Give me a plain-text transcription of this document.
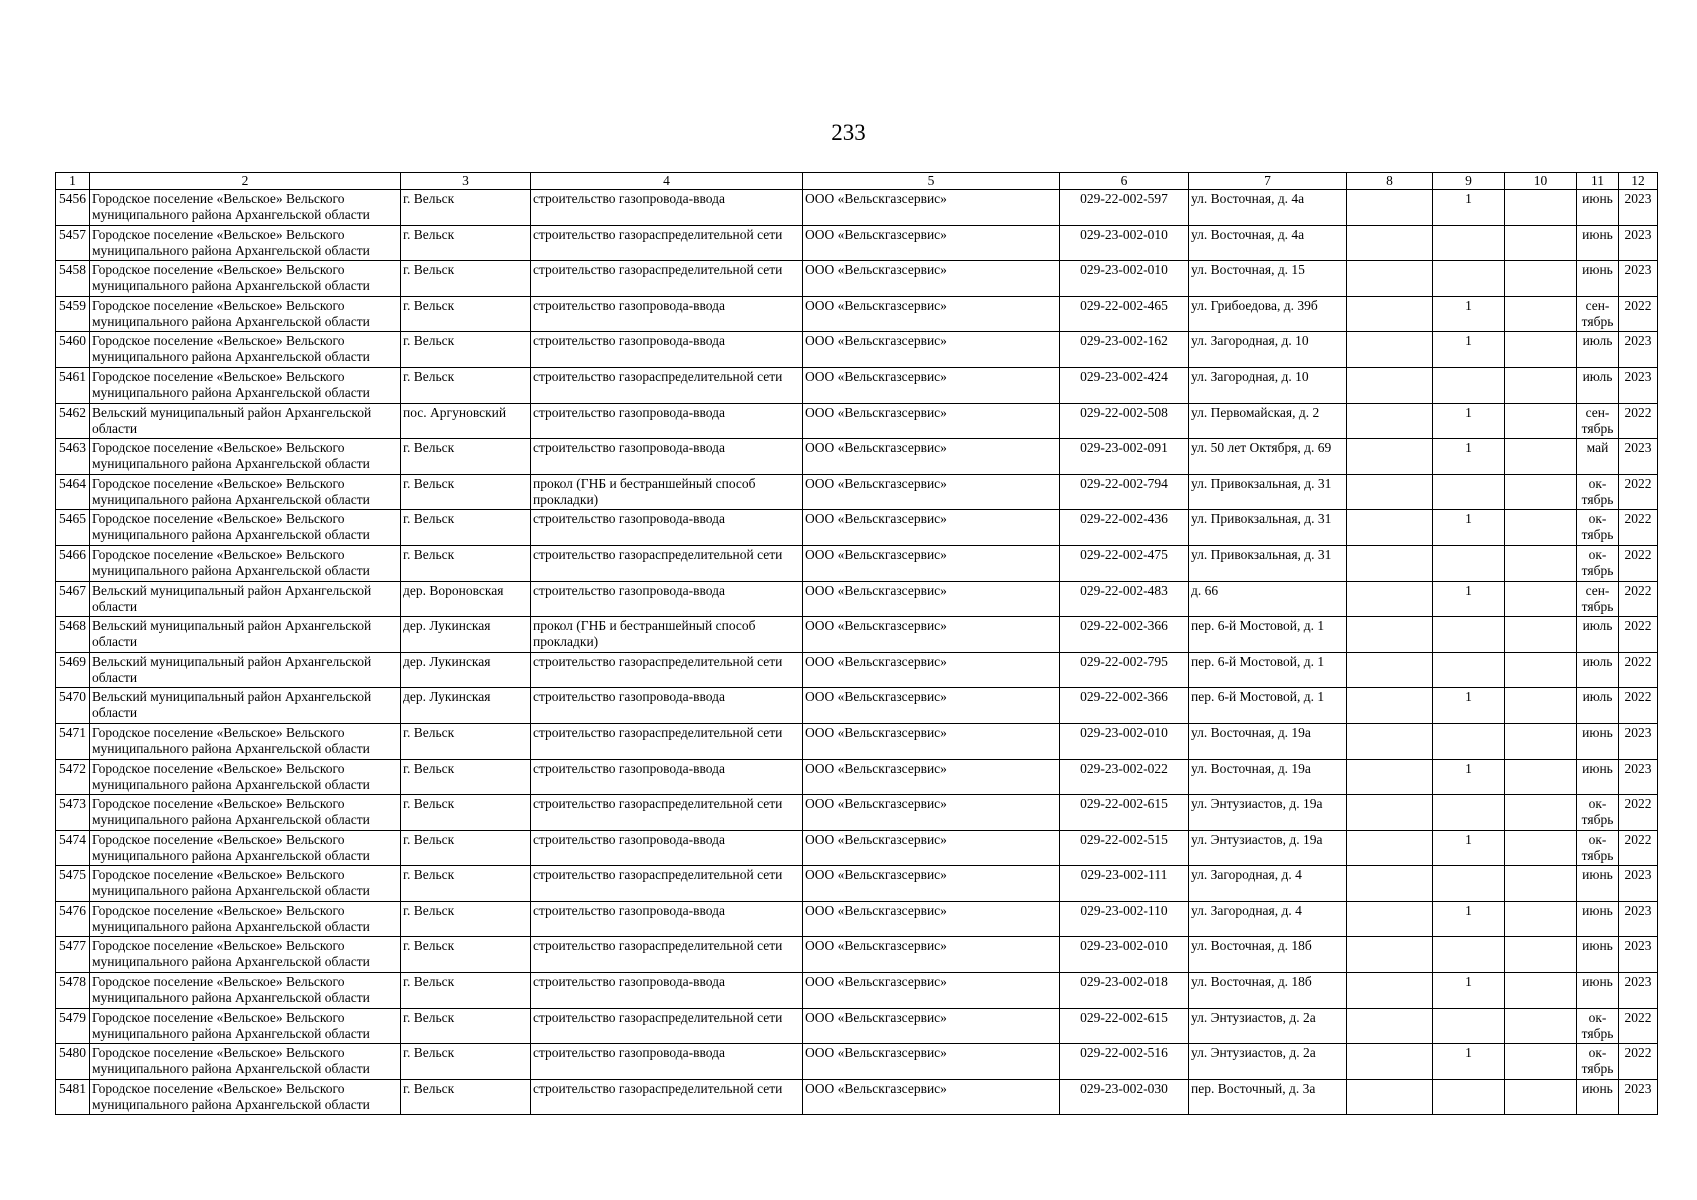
233
1	2	3	4	5	6	7	8	9	10	11	12
5456	Городское поселение «Вельское» Вельского муниципального района Архангельской области	г. Вельск	строительство газопровода-ввода	ООО «Вельскгазсервис»	029-22-002-597	ул. Восточная, д. 4а		1		июнь	2023
5457	Городское поселение «Вельское» Вельского муниципального района Архангельской области	г. Вельск	строительство газораспределительной сети	ООО «Вельскгазсервис»	029-23-002-010	ул. Восточная, д. 4а				июнь	2023
5458	Городское поселение «Вельское» Вельского муниципального района Архангельской области	г. Вельск	строительство газораспределительной сети	ООО «Вельскгазсервис»	029-23-002-010	ул. Восточная, д. 15				июнь	2023
5459	Городское поселение «Вельское» Вельского муниципального района Архангельской области	г. Вельск	строительство газопровода-ввода	ООО «Вельскгазсервис»	029-22-002-465	ул. Грибоедова, д. 39б		1		сен-тябрь	2022
5460	Городское поселение «Вельское» Вельского муниципального района Архангельской области	г. Вельск	строительство газопровода-ввода	ООО «Вельскгазсервис»	029-23-002-162	ул. Загородная, д. 10		1		июль	2023
5461	Городское поселение «Вельское» Вельского муниципального района Архангельской области	г. Вельск	строительство газораспределительной сети	ООО «Вельскгазсервис»	029-23-002-424	ул. Загородная, д. 10				июль	2023
5462	Вельский муниципальный район Архангельской области	пос. Аргуновский	строительство газопровода-ввода	ООО «Вельскгазсервис»	029-22-002-508	ул. Первомайская, д. 2		1		сен-тябрь	2022
5463	Городское поселение «Вельское» Вельского муниципального района Архангельской области	г. Вельск	строительство газопровода-ввода	ООО «Вельскгазсервис»	029-23-002-091	ул. 50 лет Октября, д. 69		1		май	2023
5464	Городское поселение «Вельское» Вельского муниципального района Архангельской области	г. Вельск	прокол (ГНБ и бестраншейный способ прокладки)	ООО «Вельскгазсервис»	029-22-002-794	ул. Привокзальная, д. 31				ок-тябрь	2022
5465	Городское поселение «Вельское» Вельского муниципального района Архангельской области	г. Вельск	строительство газопровода-ввода	ООО «Вельскгазсервис»	029-22-002-436	ул. Привокзальная, д. 31		1		ок-тябрь	2022
5466	Городское поселение «Вельское» Вельского муниципального района Архангельской области	г. Вельск	строительство газораспределительной сети	ООО «Вельскгазсервис»	029-22-002-475	ул. Привокзальная, д. 31				ок-тябрь	2022
5467	Вельский муниципальный район Архангельской области	дер. Вороновская	строительство газопровода-ввода	ООО «Вельскгазсервис»	029-22-002-483	д. 66		1		сен-тябрь	2022
5468	Вельский муниципальный район Архангельской области	дер. Лукинская	прокол (ГНБ и бестраншейный способ прокладки)	ООО «Вельскгазсервис»	029-22-002-366	пер. 6-й Мостовой, д. 1				июль	2022
5469	Вельский муниципальный район Архангельской области	дер. Лукинская	строительство газораспределительной сети	ООО «Вельскгазсервис»	029-22-002-795	пер. 6-й Мостовой, д. 1				июль	2022
5470	Вельский муниципальный район Архангельской области	дер. Лукинская	строительство газопровода-ввода	ООО «Вельскгазсервис»	029-22-002-366	пер. 6-й Мостовой, д. 1		1		июль	2022
5471	Городское поселение «Вельское» Вельского муниципального района Архангельской области	г. Вельск	строительство газораспределительной сети	ООО «Вельскгазсервис»	029-23-002-010	ул. Восточная, д. 19а				июнь	2023
5472	Городское поселение «Вельское» Вельского муниципального района Архангельской области	г. Вельск	строительство газопровода-ввода	ООО «Вельскгазсервис»	029-23-002-022	ул. Восточная, д. 19а		1		июнь	2023
5473	Городское поселение «Вельское» Вельского муниципального района Архангельской области	г. Вельск	строительство газораспределительной сети	ООО «Вельскгазсервис»	029-22-002-615	ул. Энтузиастов, д. 19а				ок-тябрь	2022
5474	Городское поселение «Вельское» Вельского муниципального района Архангельской области	г. Вельск	строительство газопровода-ввода	ООО «Вельскгазсервис»	029-22-002-515	ул. Энтузиастов, д. 19а		1		ок-тябрь	2022
5475	Городское поселение «Вельское» Вельского муниципального района Архангельской области	г. Вельск	строительство газораспределительной сети	ООО «Вельскгазсервис»	029-23-002-111	ул. Загородная, д. 4				июнь	2023
5476	Городское поселение «Вельское» Вельского муниципального района Архангельской области	г. Вельск	строительство газопровода-ввода	ООО «Вельскгазсервис»	029-23-002-110	ул. Загородная, д. 4		1		июнь	2023
5477	Городское поселение «Вельское» Вельского муниципального района Архангельской области	г. Вельск	строительство газораспределительной сети	ООО «Вельскгазсервис»	029-23-002-010	ул. Восточная, д. 18б				июнь	2023
5478	Городское поселение «Вельское» Вельского муниципального района Архангельской области	г. Вельск	строительство газопровода-ввода	ООО «Вельскгазсервис»	029-23-002-018	ул. Восточная, д. 18б		1		июнь	2023
5479	Городское поселение «Вельское» Вельского муниципального района Архангельской области	г. Вельск	строительство газораспределительной сети	ООО «Вельскгазсервис»	029-22-002-615	ул. Энтузиастов, д. 2а				ок-тябрь	2022
5480	Городское поселение «Вельское» Вельского муниципального района Архангельской области	г. Вельск	строительство газопровода-ввода	ООО «Вельскгазсервис»	029-22-002-516	ул. Энтузиастов, д. 2а		1		ок-тябрь	2022
5481	Городское поселение «Вельское» Вельского муниципального района Архангельской области	г. Вельск	строительство газораспределительной сети	ООО «Вельскгазсервис»	029-23-002-030	пер. Восточный, д. 3а				июнь	2023
